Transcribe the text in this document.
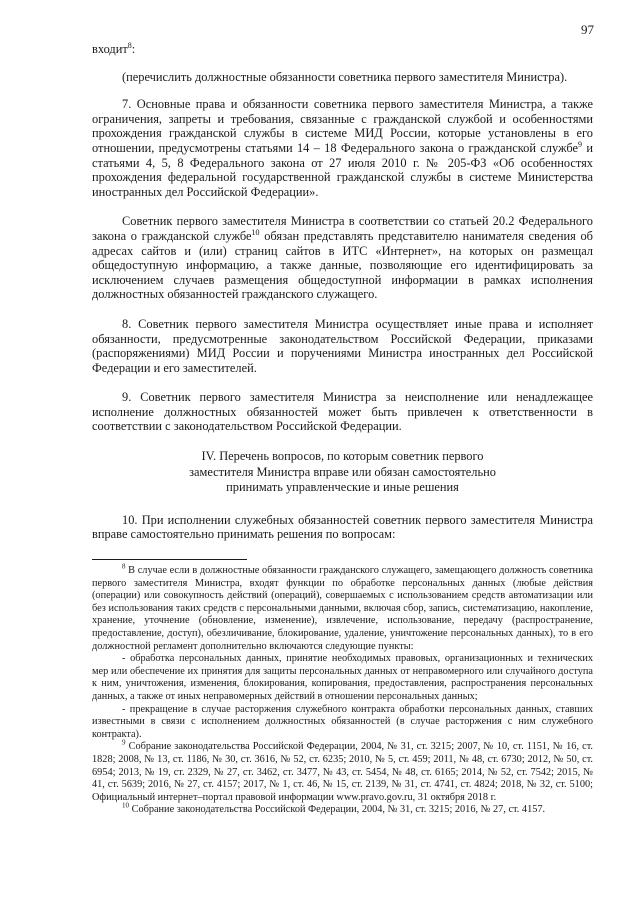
97

входит$^8$:

(перечислить должностные обязанности советника первого заместителя Министра).

7. Основные права и обязанности советника первого заместителя Министра, а также ограничения, запреты и требования, связанные с гражданской службой и особенностями прохождения гражданской службы в системе МИД России, которые установлены в его отношении, предусмотрены статьями 14 – 18 Федерального закона о гражданской службе$^9$ и статьями 4, 5, 8 Федерального закона от 27 июля 2010 г. № 205-ФЗ «Об особенностях прохождения федеральной государственной гражданской службы в системе Министерства иностранных дел Российской Федерации».

Советник первого заместителя Министра в соответствии со статьей 20.2 Федерального закона о гражданской службе$^{10}$ обязан представлять представителю нанимателя сведения об адресах сайтов и (или) страниц сайтов в ИТС «Интернет», на которых он размещал общедоступную информацию, а также данные, позволяющие его идентифицировать за исключением случаев размещения общедоступной информации в рамках исполнения должностных обязанностей гражданского служащего.

8. Советник первого заместителя Министра осуществляет иные права и исполняет обязанности, предусмотренные законодательством Российской Федерации, приказами (распоряжениями) МИД России и поручениями Министра иностранных дел Российской Федерации и его заместителей.

9. Советник первого заместителя Министра за неисполнение или ненадлежащее исполнение должностных обязанностей может быть привлечен к ответственности в соответствии с законодательством Российской Федерации.

IV. Перечень вопросов, по которым советник первого
заместителя Министра вправе или обязан самостоятельно
принимать управленческие и иные решения

10. При исполнении служебных обязанностей советник первого заместителя Министра вправе самостоятельно принимать решения по вопросам:

$^8$ В случае если в должностные обязанности гражданского служащего, замещающего должность советника первого заместителя Министра, входят функции по обработке персональных данных (любые действия (операции) или совокупность действий (операций), совершаемых с использованием средств автоматизации или без использования таких средств с персональными данными, включая сбор, запись, систематизацию, накопление, хранение, уточнение (обновление, изменение), извлечение, использование, передачу (распространение, предоставление, доступ), обезличивание, блокирование, удаление, уничтожение персональных данных), то в его должностной регламент дополнительно включаются следующие пункты:

- обработка персональных данных, принятие необходимых правовых, организационных и технических мер или обеспечение их принятия для защиты персональных данных от неправомерного или случайного доступа к ним, уничтожения, изменения, блокирования, копирования, предоставления, распространения персональных данных, а также от иных неправомерных действий в отношении персональных данных;

- прекращение в случае расторжения служебного контракта обработки персональных данных, ставших известными в связи с исполнением должностных обязанностей (в случае расторжения с ним служебного контракта).

$^9$ Собрание законодательства Российской Федерации, 2004, № 31, ст. 3215; 2007, № 10, ст. 1151, № 16, ст. 1828; 2008, № 13, ст. 1186, № 30, ст. 3616, № 52, ст. 6235; 2010, № 5, ст. 459; 2011, № 48, ст. 6730; 2012, № 50, ст. 6954; 2013, № 19, ст. 2329, № 27, ст. 3462, ст. 3477, № 43, ст. 5454, № 48, ст. 6165; 2014, № 52, ст. 7542; 2015, № 41, ст. 5639; 2016, № 27, ст. 4157; 2017, № 1, ст. 46, № 15, ст. 2139, № 31, ст. 4741, ст. 4824; 2018, № 32, ст. 5100; Официальный интернет–портал правовой информации www.pravo.gov.ru, 31 октября 2018 г.

$^{10}$ Собрание законодательства Российской Федерации, 2004, № 31, ст. 3215; 2016, № 27, ст. 4157.
